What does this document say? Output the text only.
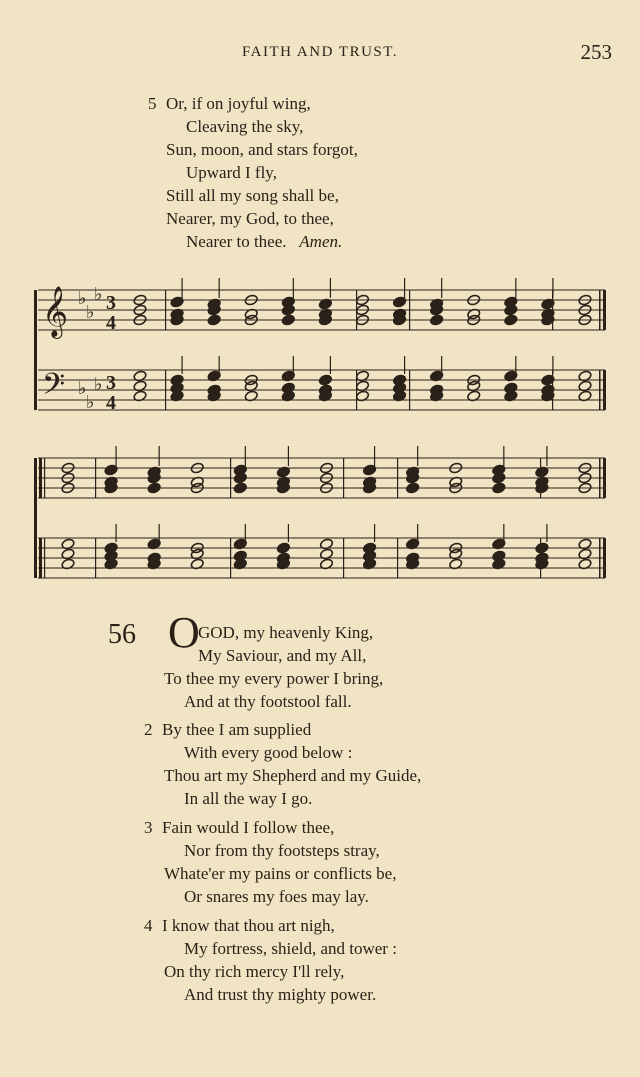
FAITH AND TRUST.	253
5 Or, if on joyful wing,
Cleaving the sky,
Sun, moon, and stars forgot,
Upward I fly,
Still all my song shall be,
Nearer, my God, to thee,
Nearer to thee. Amen.
𝄞
𝄢
♭
♭
♭
♭
♭
♭
3
4
3
4
56 O
GOD, my heavenly King,
My Saviour, and my All,
To thee my every power I bring,
And at thy footstool fall.
2 By thee I am supplied
With every good below :
Thou art my Shepherd and my Guide,
In all the way I go.
3 Fain would I follow thee,
Nor from thy footsteps stray,
Whate'er my pains or conflicts be,
Or snares my foes may lay.
4 I know that thou art nigh,
My fortress, shield, and tower :
On thy rich mercy I'll rely,
And trust thy mighty power.
